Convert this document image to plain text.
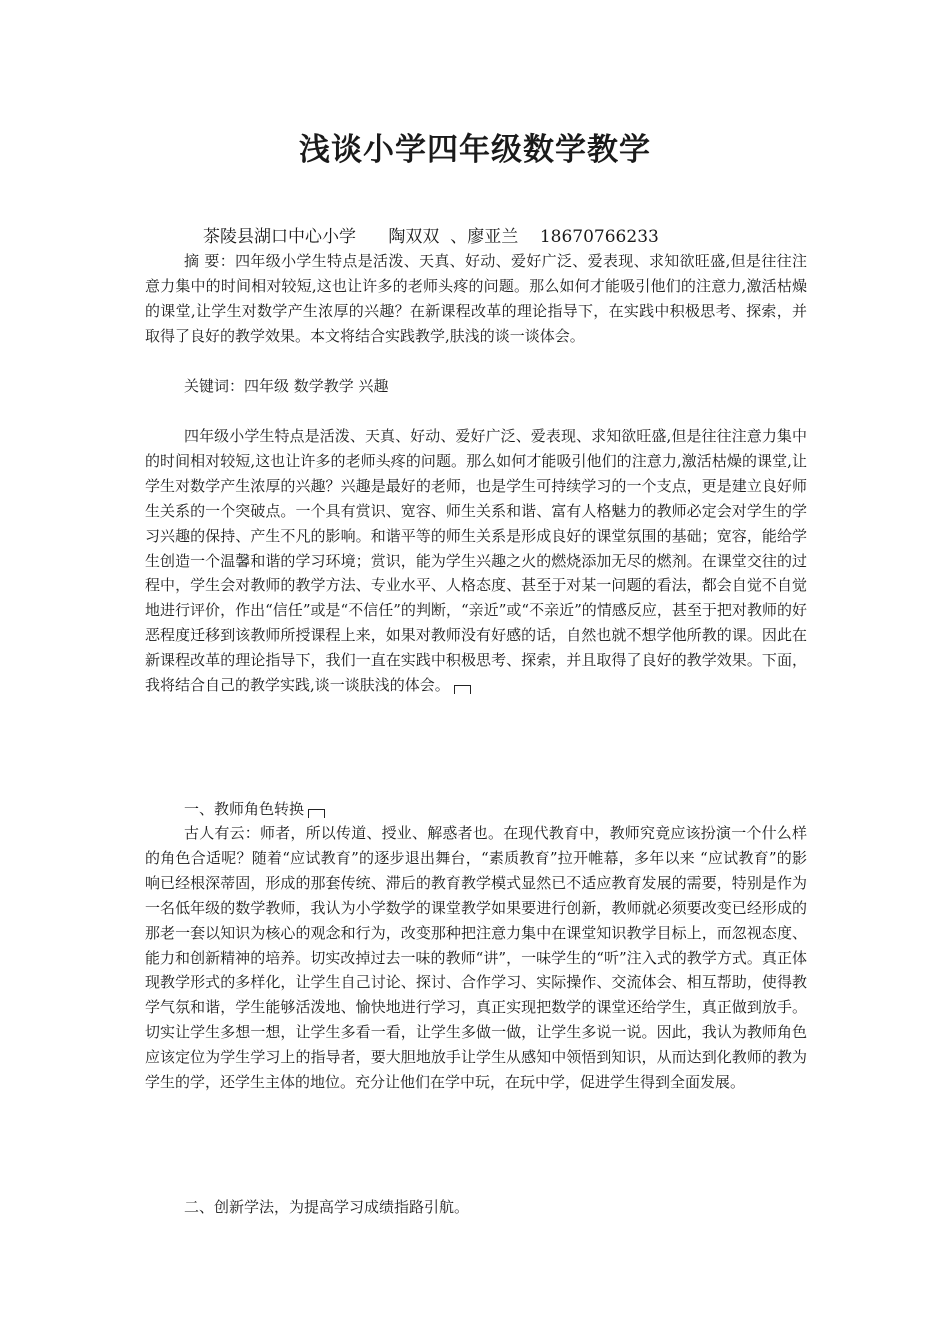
浅谈小学四年级数学教学

茶陵县湖口中心小学      陶双双  、廖亚兰    18670766233

摘 要：四年级小学生特点是活泼、天真、好动、爱好广泛、爱表现、求知欲旺盛,但是往往注意力集中的时间相对较短,这也让许多的老师头疼的问题。那么如何才能吸引他们的注意力,激活枯燥的课堂,让学生对数学产生浓厚的兴趣？在新课程改革的理论指导下，在实践中积极思考、探索，并取得了良好的教学效果。本文将结合实践教学,肤浅的谈一谈体会。

关键词：四年级 数学教学 兴趣

四年级小学生特点是活泼、天真、好动、爱好广泛、爱表现、求知欲旺盛,但是往往注意力集中的时间相对较短,这也让许多的老师头疼的问题。那么如何才能吸引他们的注意力,激活枯燥的课堂,让学生对数学产生浓厚的兴趣？兴趣是最好的老师，也是学生可持续学习的一个支点，更是建立良好师生关系的一个突破点。一个具有赏识、宽容、师生关系和谐、富有人格魅力的教师必定会对学生的学习兴趣的保持、产生不凡的影响。和谐平等的师生关系是形成良好的课堂氛围的基础；宽容，能给学生创造一个温馨和谐的学习环境；赏识，能为学生兴趣之火的燃烧添加无尽的燃剂。在课堂交往的过程中，学生会对教师的教学方法、专业水平、人格态度、甚至于对某一问题的看法，都会自觉不自觉地进行评价，作出“信任”或是“不信任”的判断，“亲近”或“不亲近”的情感反应，甚至于把对教师的好恶程度迁移到该教师所授课程上来，如果对教师没有好感的话，自然也就不想学他所教的课。因此在新课程改革的理论指导下，我们一直在实践中积极思考、探索，并且取得了良好的教学效果。下面，我将结合自己的教学实践,谈一谈肤浅的体会。

一、教师角色转换

古人有云：师者，所以传道、授业、解惑者也。在现代教育中，教师究竟应该扮演一个什么样的角色合适呢？随着“应试教育”的逐步退出舞台，“素质教育”拉开帷幕，多年以来 “应试教育”的影响已经根深蒂固，形成的那套传统、滞后的教育教学模式显然已不适应教育发展的需要，特别是作为一名低年级的数学教师，我认为小学数学的课堂教学如果要进行创新，教师就必须要改变已经形成的那老一套以知识为核心的观念和行为，改变那种把注意力集中在课堂知识教学目标上，而忽视态度、能力和创新精神的培养。切实改掉过去一味的教师“讲”，一味学生的“听”注入式的教学方式。真正体现教学形式的多样化，让学生自己讨论、探讨、合作学习、实际操作、交流体会、相互帮助，使得教学气氛和谐，学生能够活泼地、愉快地进行学习，真正实现把数学的课堂还给学生，真正做到放手。切实让学生多想一想，让学生多看一看，让学生多做一做，让学生多说一说。因此，我认为教师角色应该定位为学生学习上的指导者，要大胆地放手让学生从感知中领悟到知识，从而达到化教师的教为学生的学，还学生主体的地位。充分让他们在学中玩，在玩中学，促进学生得到全面发展。

二、创新学法，为提高学习成绩指路引航。
